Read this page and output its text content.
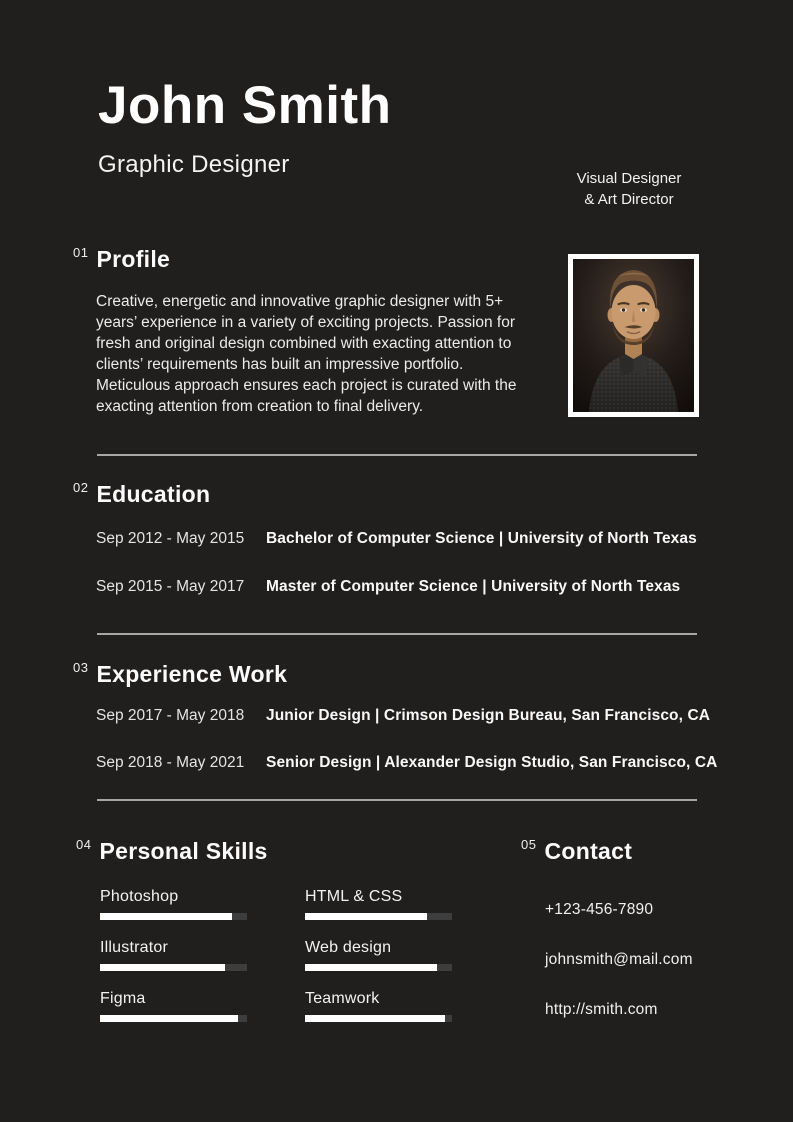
John Smith
Graphic Designer
Visual Designer
& Art Director
$^{01}$ Profile
Creative, energetic and innovative graphic designer with 5+ years’ experience in a variety of exciting projects. Passion for fresh and original design combined with exacting attention to clients’ requirements has built an impressive portfolio. Meticulous approach ensures each project is curated with the exacting attention from creation to final delivery.
$^{02}$ Education
Sep 2012 - May 2015	Bachelor of Computer Science | University of North Texas
Sep 2015 - May 2017	Master of Computer Science | University of North Texas
$^{03}$ Experience Work
Sep 2017 - May 2018	Junior Design | Crimson Design Bureau, San Francisco, CA
Sep 2018 - May 2021	Senior Design | Alexander Design Studio, San Francisco, CA
$^{04}$ Personal Skills
Photoshop
Illustrator
Figma
HTML & CSS
Web design
Teamwork
$^{05}$ Contact
+123-456-7890
johnsmith@mail.com
http://smith.com
